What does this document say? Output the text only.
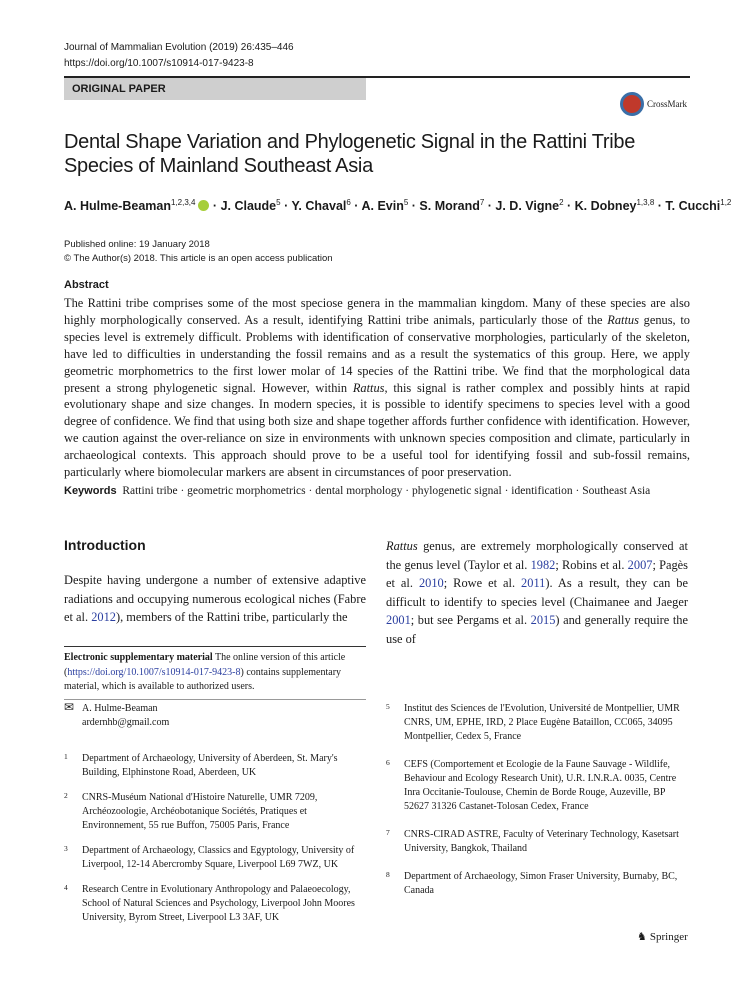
Journal of Mammalian Evolution (2019) 26:435–446
https://doi.org/10.1007/s10914-017-9423-8
ORIGINAL PAPER
CrossMark
Dental Shape Variation and Phylogenetic Signal in the Rattini Tribe Species of Mainland Southeast Asia
A. Hulme-Beaman$^{1,2,3,4}$ · J. Claude$^5$ · Y. Chaval$^6$ · A. Evin$^5$ · S. Morand$^7$ · J. D. Vigne$^2$ · K. Dobney$^{1,3,8}$ · T. Cucchi$^{1,2}$
Published online: 19 January 2018
© The Author(s) 2018. This article is an open access publication
Abstract
The Rattini tribe comprises some of the most speciose genera in the mammalian kingdom. Many of these species are also highly morphologically conserved. As a result, identifying Rattini tribe animals, particularly those of the Rattus genus, to species level is extremely difficult. Problems with identification of conservative morphologies, particularly of the skeleton, have led to difficulties in understanding the fossil remains and as a result the systematics of this group. Here, we apply geometric morphometrics to the first lower molar of 14 species of the Rattini tribe. We find that the morphological data present a strong phylogenetic signal. However, within Rattus, this signal is rather complex and possibly hints at rapid evolutionary shape and size changes. In modern species, it is possible to identify specimens to species level with a good degree of confidence. We find that using both size and shape together affords further confidence with identification. However, we caution against the over-reliance on size in environments with unknown species composition and climate, particularly in archaeological contexts. This approach should prove to be a useful tool for identifying fossil and sub-fossil remains, particularly where biomolecular markers are absent in circumstances of poor preservation.
Keywords Rattini tribe · geometric morphometrics · dental morphology · phylogenetic signal · identification · Southeast Asia
Introduction
Despite having undergone a number of extensive adaptive radiations and occupying numerous ecological niches (Fabre et al. 2012), members of the Rattini tribe, particularly the
Rattus genus, are extremely morphologically conserved at the genus level (Taylor et al. 1982; Robins et al. 2007; Pagès et al. 2010; Rowe et al. 2011). As a result, they can be difficult to identify to species level (Chaimanee and Jaeger 2001; but see Pergams et al. 2015) and generally require the use of
Electronic supplementary material The online version of this article (https://doi.org/10.1007/s10914-017-9423-8) contains supplementary material, which is available to authorized users.
✉ A. Hulme-Beaman
ardernhb@gmail.com
1	Department of Archaeology, University of Aberdeen, St. Mary's Building, Elphinstone Road, Aberdeen, UK
2	CNRS-Muséum National d'Histoire Naturelle, UMR 7209, Archéozoologie, Archéobotanique Sociétés, Pratiques et Environnement, 55 rue Buffon, 75005 Paris, France
3	Department of Archaeology, Classics and Egyptology, University of Liverpool, 12-14 Abercromby Square, Liverpool L69 7WZ, UK
4	Research Centre in Evolutionary Anthropology and Palaeoecology, School of Natural Sciences and Psychology, Liverpool John Moores University, Byrom Street, Liverpool L3 3AF, UK
5	Institut des Sciences de l'Evolution, Université de Montpellier, UMR CNRS, UM, EPHE, IRD, 2 Place Eugène Bataillon, CC065, 34095 Montpellier, Cedex 5, France
6	CEFS (Comportement et Ecologie de la Faune Sauvage - Wildlife, Behaviour and Ecology Research Unit), U.R. I.N.R.A. 0035, Centre Inra Occitanie-Toulouse, Chemin de Borde Rouge, Auzeville, BP 52627 31326 Castanet-Tolosan Cedex, France
7	CNRS-CIRAD ASTRE, Faculty of Veterinary Technology, Kasetsart University, Bangkok, Thailand
8	Department of Archaeology, Simon Fraser University, Burnaby, BC, Canada
♞ Springer
